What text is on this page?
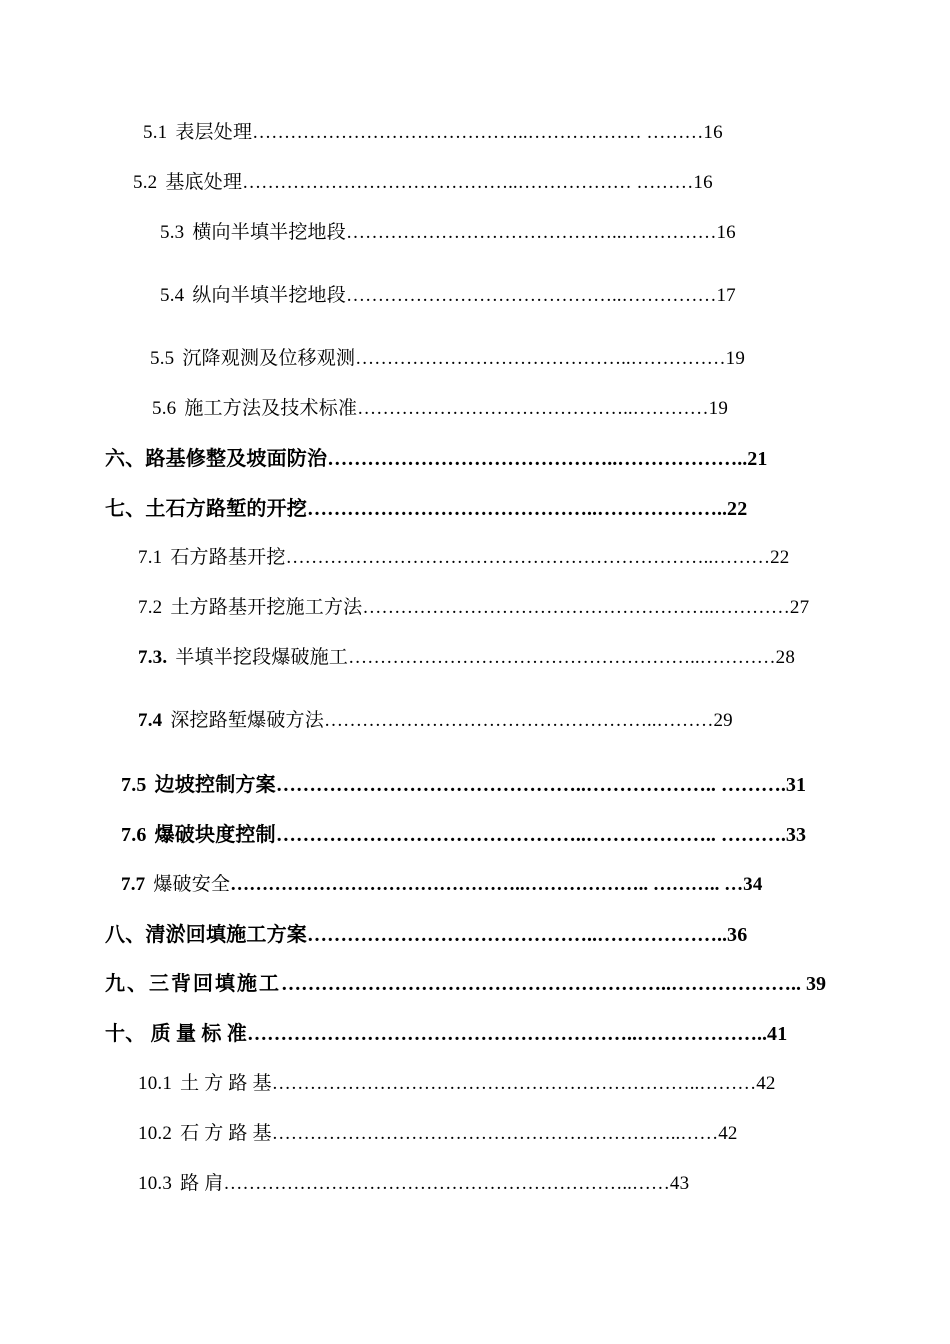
5.1 表层处理……………………………………..……………… ………16
5.2 基底处理……………………………………..……………… ………16
5.3 横向半填半挖地段……………………………………..……………16
5.4 纵向半填半挖地段……………………………………..……………17
5.5 沉降观测及位移观测……………………………………..……………19
5.6 施工方法及技术标准……………………………………..…………19
六、路基修整及坡面防治……………………………………..………………..21
七、土石方路堑的开挖……………………………………..………………..22
7.1 石方路基开挖…………………………………………………………..………22
7.2 土方路基开挖施工方法………………………………………………..…………27
7.3. 半填半挖段爆破施工………………………………………………..…………28
7.4 深挖路堑爆破方法……………………………………………..………29
7.5 边坡控制方案………………………………………..……………….. ……….31
7.6 爆破块度控制………………………………………..……………….. ……….33
7.7 爆破安全………………………………………..……………….. ……….. …34
八、清淤回填施工方案……………………………………..………………..36
九、三背回填施工…………………………………………………..……………….. 39
十、 质 量 标 准…………………………………………………..………………..41
10.1 土 方 路 基…………………………………………………………..………42
10.2 石 方 路 基………………………………………………………..……42
10.3 路 肩………………………………………………………..……43
